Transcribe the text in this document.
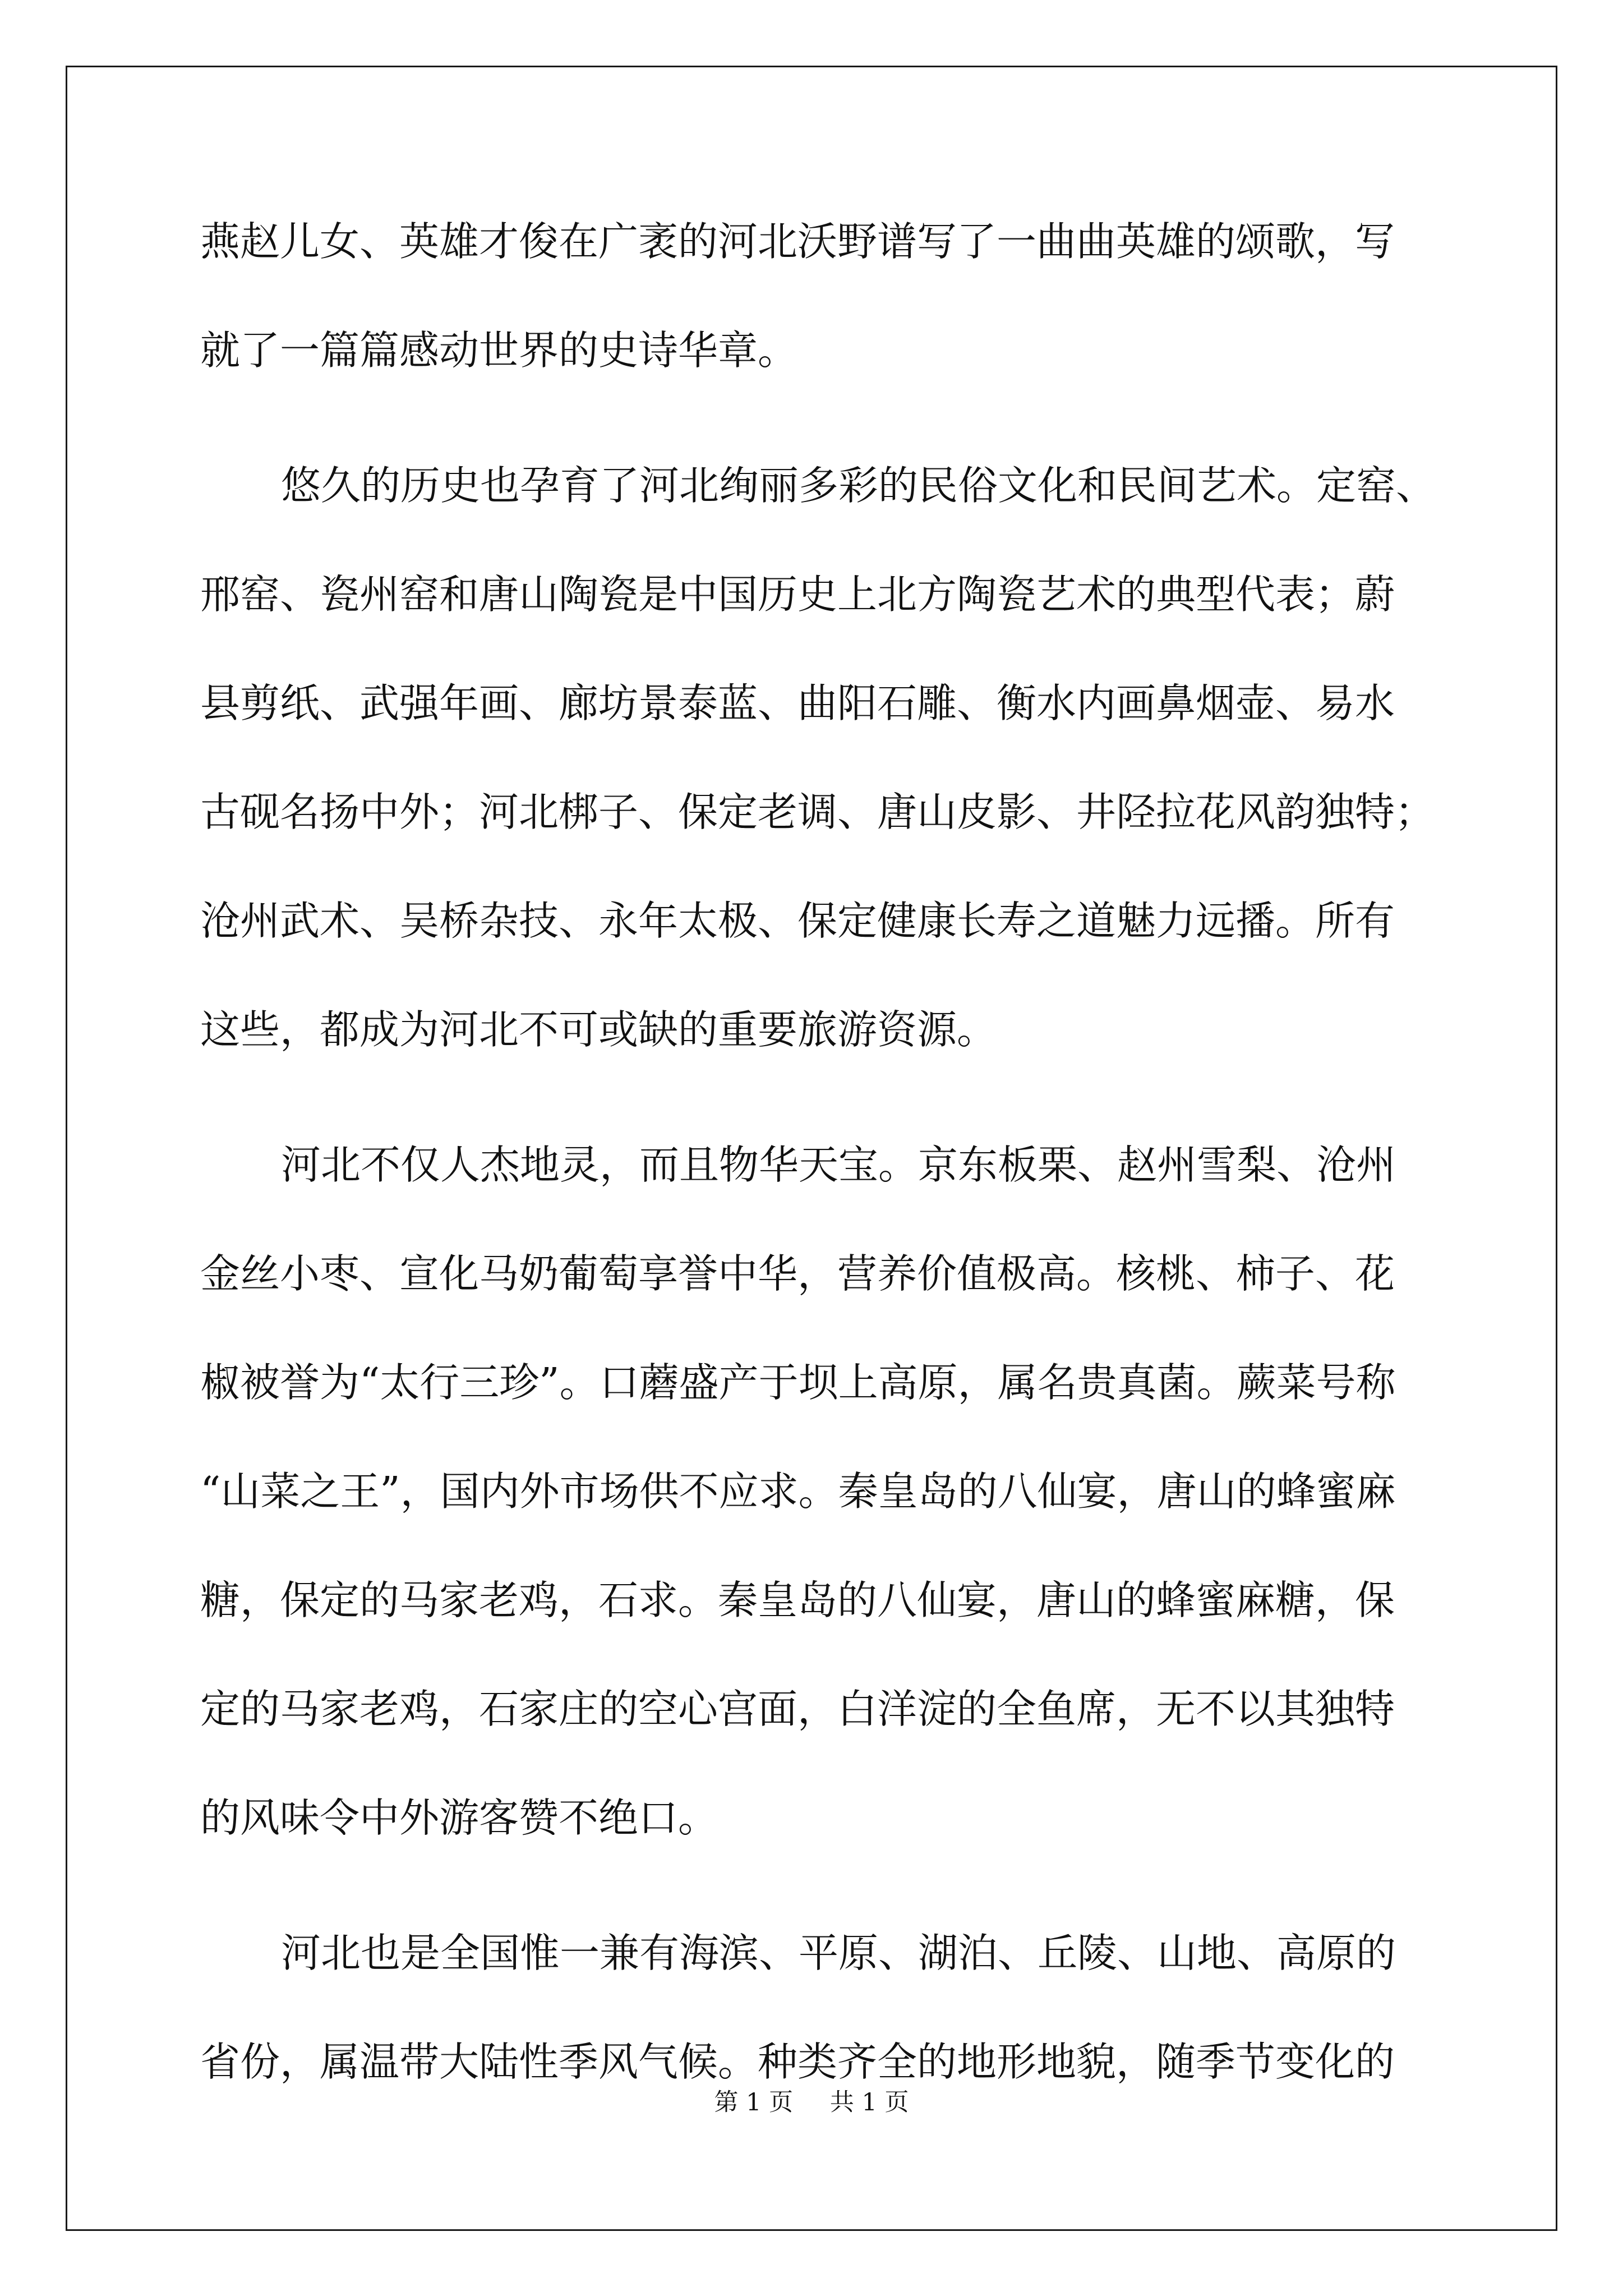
燕赵儿女、英雄才俊在广袤的河北沃野谱写了一曲曲英雄的颂歌，写
就了一篇篇感动世界的史诗华章。
悠久的历史也孕育了河北绚丽多彩的民俗文化和民间艺术。定窑、
邢窑、瓷州窑和唐山陶瓷是中国历史上北方陶瓷艺术的典型代表；蔚
县剪纸、武强年画、廊坊景泰蓝、曲阳石雕、衡水内画鼻烟壶、易水
古砚名扬中外；河北梆子、保定老调、唐山皮影、井陉拉花风韵独特；
沧州武术、吴桥杂技、永年太极、保定健康长寿之道魅力远播。所有
这些，都成为河北不可或缺的重要旅游资源。
河北不仅人杰地灵，而且物华天宝。京东板栗、赵州雪梨、沧州
金丝小枣、宣化马奶葡萄享誉中华，营养价值极高。核桃、柿子、花
椒被誉为“太行三珍”。口蘑盛产于坝上高原，属名贵真菌。蕨菜号称
“山菜之王”，国内外市场供不应求。秦皇岛的八仙宴，唐山的蜂蜜麻
糖，保定的马家老鸡，石求。秦皇岛的八仙宴，唐山的蜂蜜麻糖，保
定的马家老鸡，石家庄的空心宫面，白洋淀的全鱼席，无不以其独特
的风味令中外游客赞不绝口。
河北也是全国惟一兼有海滨、平原、湖泊、丘陵、山地、高原的
省份，属温带大陆性季风气候。种类齐全的地形地貌，随季节变化的
第 1 页 共 1 页
